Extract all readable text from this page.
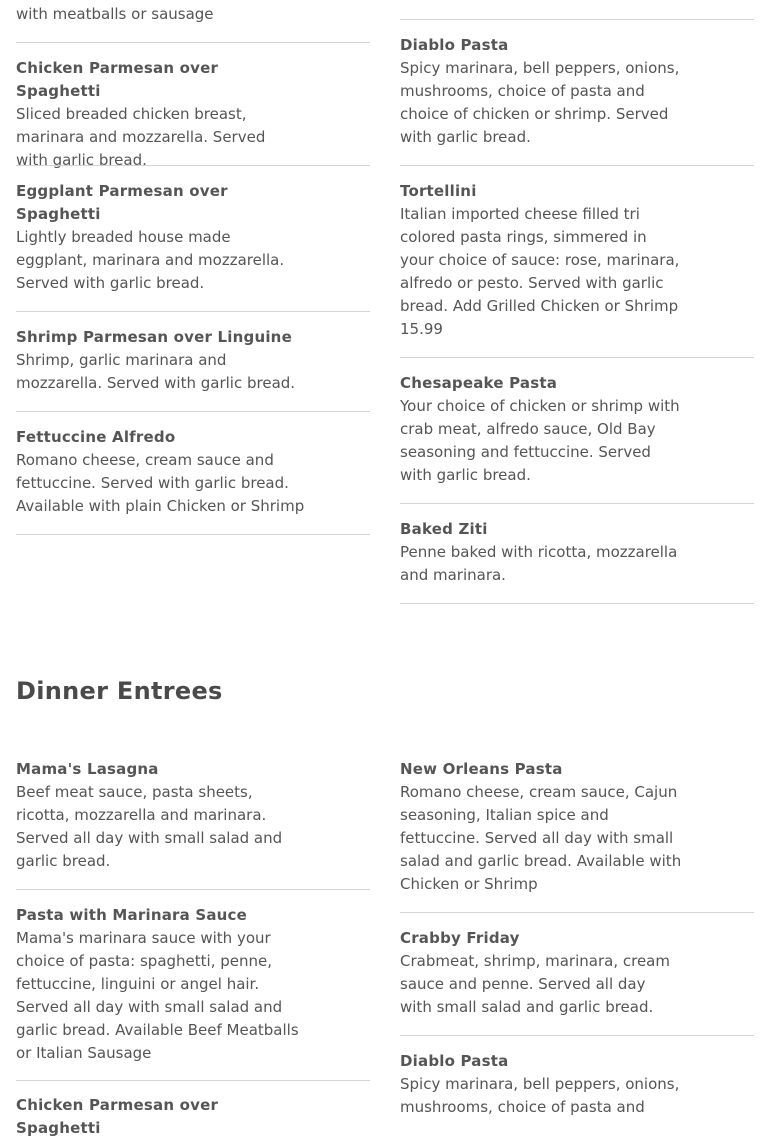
with meatballs or sausage
Chicken Parmesan over Spaghetti
Sliced breaded chicken breast, marinara and mozzarella. Served with garlic bread.
Eggplant Parmesan over Spaghetti
Lightly breaded house made eggplant, marinara and mozzarella. Served with garlic bread.
Shrimp Parmesan over Linguine
Shrimp, garlic marinara and mozzarella. Served with garlic bread.
Fettuccine Alfredo
Romano cheese, cream sauce and fettuccine. Served with garlic bread. Available with plain Chicken or Shrimp
Diablo Pasta
Spicy marinara, bell peppers, onions, mushrooms, choice of pasta and choice of chicken or shrimp. Served with garlic bread.
Tortellini
Italian imported cheese filled tri colored pasta rings, simmered in your choice of sauce: rose, marinara, alfredo or pesto. Served with garlic bread. Add Grilled Chicken or Shrimp 15.99
Chesapeake Pasta
Your choice of chicken or shrimp with crab meat, alfredo sauce, Old Bay seasoning and fettuccine. Served with garlic bread.
Baked Ziti
Penne baked with ricotta, mozzarella and marinara.
Dinner Entrees
Mama's Lasagna
Beef meat sauce, pasta sheets, ricotta, mozzarella and marinara. Served all day with small salad and garlic bread.
Pasta with Marinara Sauce
Mama's marinara sauce with your choice of pasta: spaghetti, penne, fettuccine, linguini or angel hair. Served all day with small salad and garlic bread. Available Beef Meatballs or Italian Sausage
Chicken Parmesan over Spaghetti
New Orleans Pasta
Romano cheese, cream sauce, Cajun seasoning, Italian spice and fettuccine. Served all day with small salad and garlic bread. Available with Chicken or Shrimp
Crabby Friday
Crabmeat, shrimp, marinara, cream sauce and penne. Served all day with small salad and garlic bread.
Diablo Pasta
Spicy marinara, bell peppers, onions, mushrooms, choice of pasta and
